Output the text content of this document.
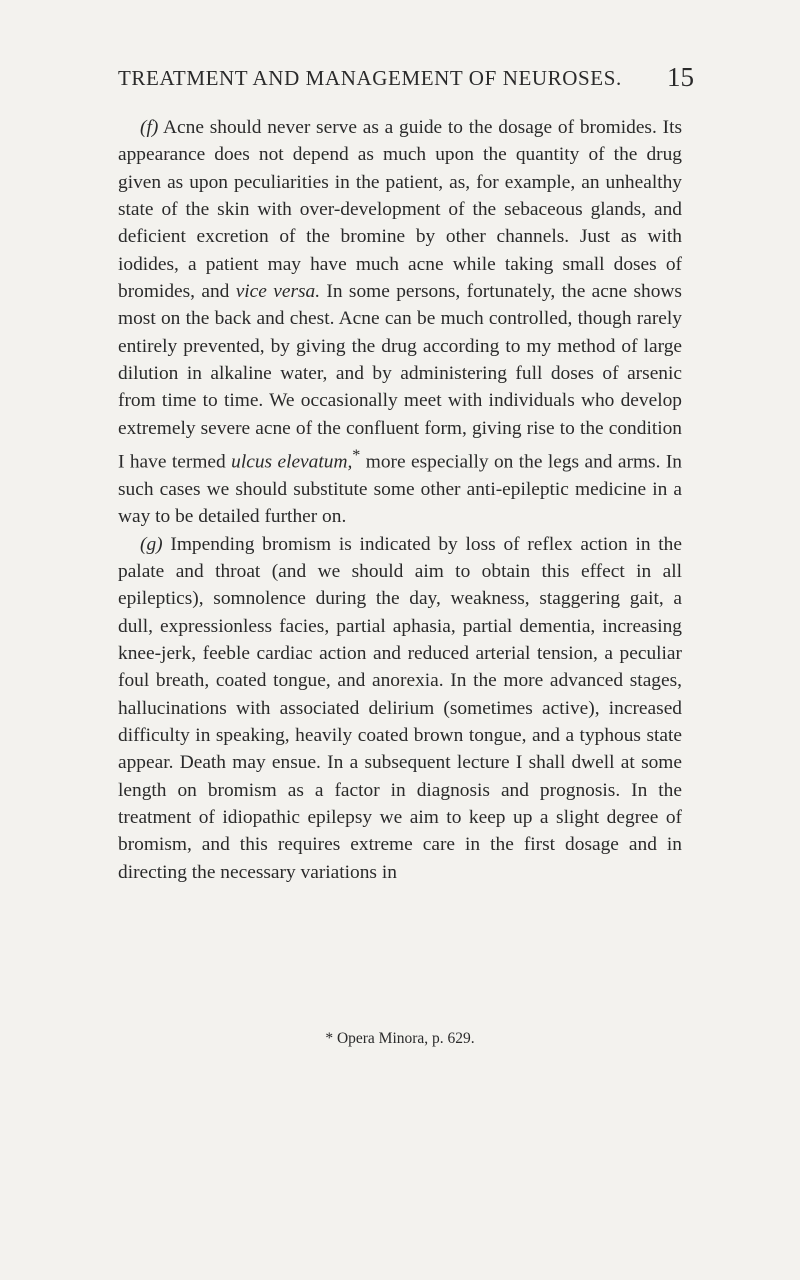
TREATMENT AND MANAGEMENT OF NEUROSES. 15

(f) Acne should never serve as a guide to the dosage of bromides. Its appearance does not depend as much upon the quantity of the drug given as upon peculiarities in the patient, as, for example, an unhealthy state of the skin with over-development of the sebaceous glands, and deficient excretion of the bromine by other channels. Just as with iodides, a patient may have much acne while taking small doses of bromides, and vice versa. In some persons, fortunately, the acne shows most on the back and chest. Acne can be much controlled, though rarely entirely prevented, by giving the drug according to my method of large dilution in alkaline water, and by administering full doses of arsenic from time to time. We occasionally meet with individuals who develop extremely severe acne of the confluent form, giving rise to the condition I have termed ulcus elevatum,* more especially on the legs and arms. In such cases we should substitute some other anti-epileptic medicine in a way to be detailed further on.

(g) Impending bromism is indicated by loss of reflex action in the palate and throat (and we should aim to obtain this effect in all epileptics), somnolence during the day, weakness, staggering gait, a dull, expressionless facies, partial aphasia, partial dementia, increasing knee-jerk, feeble cardiac action and reduced arterial tension, a peculiar foul breath, coated tongue, and anorexia. In the more advanced stages, hallucinations with associated delirium (sometimes active), increased difficulty in speaking, heavily coated brown tongue, and a typhous state appear. Death may ensue. In a subsequent lecture I shall dwell at some length on bromism as a factor in diagnosis and prognosis. In the treatment of idiopathic epilepsy we aim to keep up a slight degree of bromism, and this requires extreme care in the first dosage and in directing the necessary variations in

* Opera Minora, p. 629.
